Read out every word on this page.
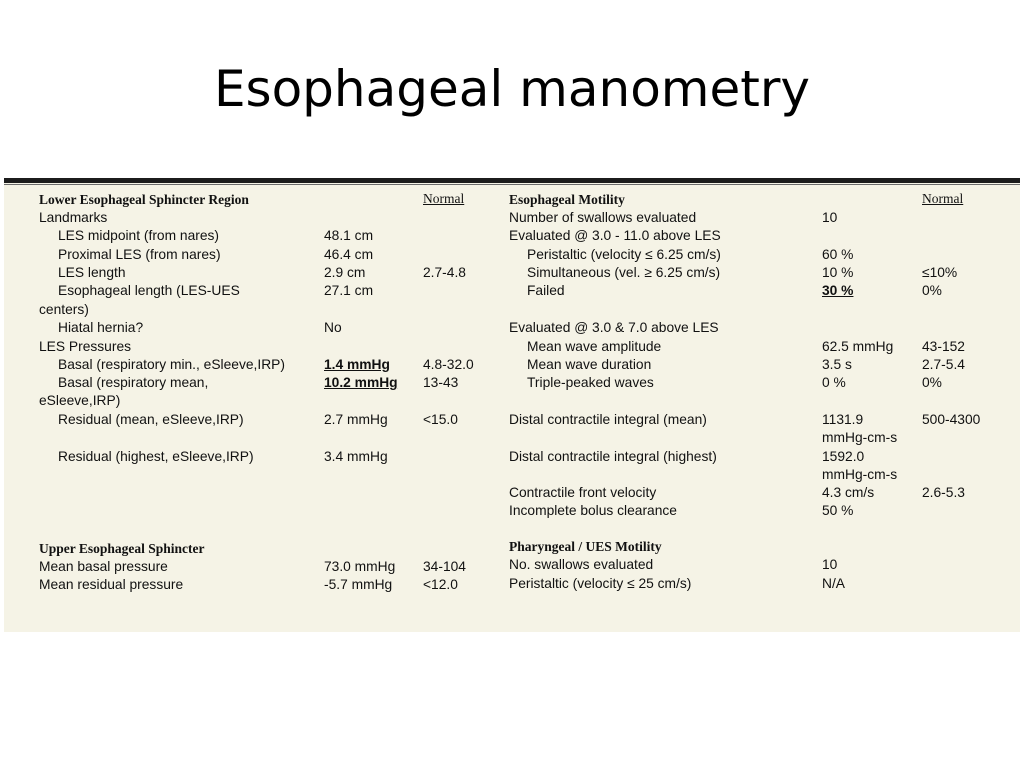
Esophageal manometry
Lower Esophageal Sphincter Region	Normal
Landmarks
LES midpoint (from nares)	48.1 cm
Proximal LES (from nares)	46.4 cm
LES length	2.9 cm	2.7-4.8
Esophageal length (LES-UES	27.1 cm
centers)
Hiatal hernia?	No
LES Pressures
Basal (respiratory min., eSleeve,IRP)	1.4 mmHg 4.8-32.0
Basal (respiratory mean,	10.2 mmHg 13-43
eSleeve,IRP)
Residual (mean, eSleeve,IRP)	2.7 mmHg	<15.0
Residual (highest, eSleeve,IRP)	3.4 mmHg
Upper Esophageal Sphincter
Mean basal pressure	73.0 mmHg 34-104
Mean residual pressure	-5.7 mmHg <12.0
Esophageal Motility	Normal
Number of swallows evaluated	10
Evaluated @ 3.0 - 11.0 above LES
Peristaltic (velocity ≤ 6.25 cm/s)	60 %
Simultaneous (vel. ≥ 6.25 cm/s)	10 %	≤10%
Failed	30 %	0%
Evaluated @ 3.0 & 7.0 above LES
Mean wave amplitude	62.5 mmHg 43-152
Mean wave duration	3.5 s	2.7-5.4
Triple-peaked waves	0 %	0%
Distal contractile integral (mean)	1131.9	500-4300
mmHg-cm-s
Distal contractile integral (highest)	1592.0
mmHg-cm-s
Contractile front velocity	4.3 cm/s	2.6-5.3
Incomplete bolus clearance	50 %
Pharyngeal / UES Motility
No. swallows evaluated	10
Peristaltic (velocity ≤ 25 cm/s)	N/A
